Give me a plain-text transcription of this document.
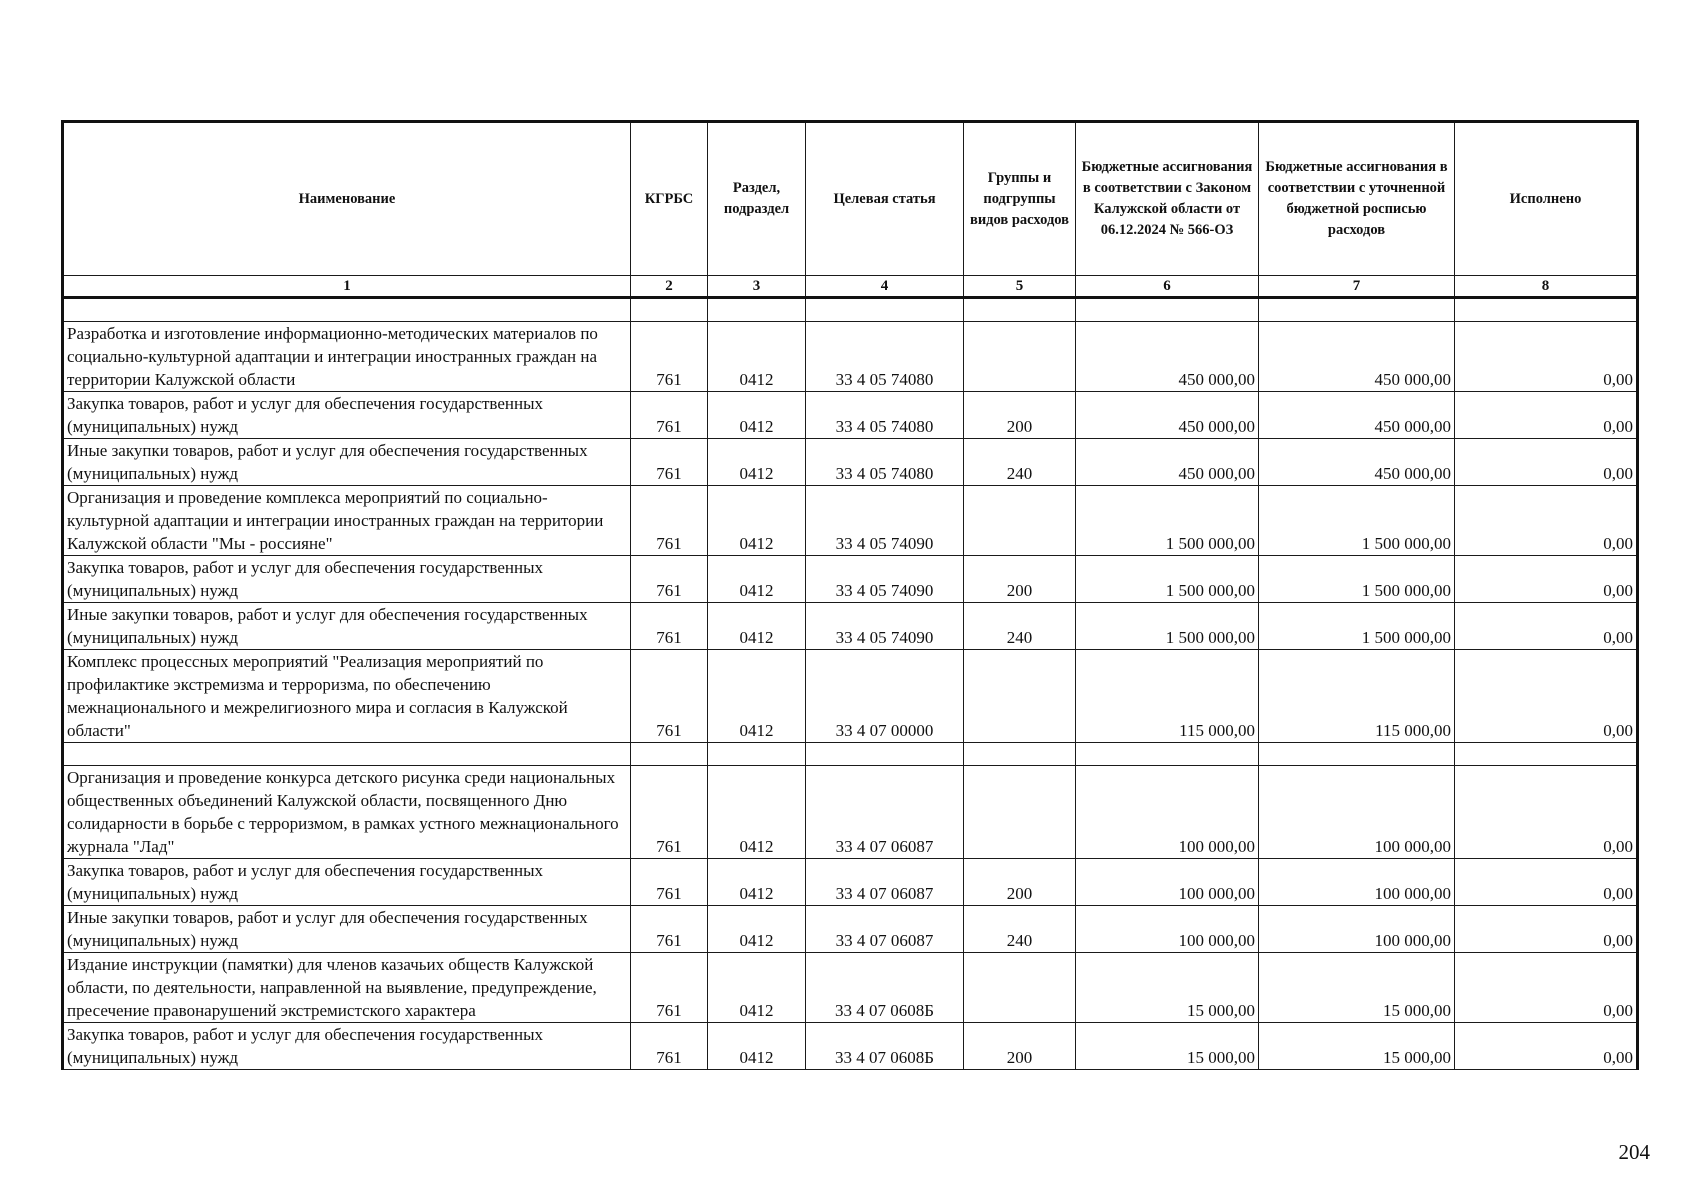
Наименование	КГРБС	Раздел, подраздел	Целевая статья	Группы и подгруппы видов расходов	Бюджетные ассигнования в соответствии с Законом Калужской области от 06.12.2024 № 566-ОЗ	Бюджетные ассигнования в соответствии с уточненной бюджетной росписью расходов	Исполнено
1	2	3	4	5	6	7	8

Разработка и изготовление информационно-методических материалов по социально-культурной адаптации и интеграции иностранных граждан на территории Калужской области	761	0412	33 4 05 74080		450 000,00	450 000,00	0,00
Закупка товаров, работ и услуг для обеспечения государственных (муниципальных) нужд	761	0412	33 4 05 74080	200	450 000,00	450 000,00	0,00
Иные закупки товаров, работ и услуг для обеспечения государственных (муниципальных) нужд	761	0412	33 4 05 74080	240	450 000,00	450 000,00	0,00
Организация и проведение комплекса мероприятий по социально-культурной адаптации и интеграции иностранных граждан на территории Калужской области "Мы - россияне"	761	0412	33 4 05 74090		1 500 000,00	1 500 000,00	0,00
Закупка товаров, работ и услуг для обеспечения государственных (муниципальных) нужд	761	0412	33 4 05 74090	200	1 500 000,00	1 500 000,00	0,00
Иные закупки товаров, работ и услуг для обеспечения государственных (муниципальных) нужд	761	0412	33 4 05 74090	240	1 500 000,00	1 500 000,00	0,00
Комплекс процессных мероприятий "Реализация мероприятий по профилактике экстремизма и терроризма, по обеспечению межнационального и межрелигиозного мира и согласия в Калужской области"	761	0412	33 4 07 00000		115 000,00	115 000,00	0,00

Организация и проведение конкурса детского рисунка среди национальных общественных объединений Калужской области, посвященного Дню солидарности в борьбе с терроризмом, в рамках устного межнационального журнала "Лад"	761	0412	33 4 07 06087		100 000,00	100 000,00	0,00
Закупка товаров, работ и услуг для обеспечения государственных (муниципальных) нужд	761	0412	33 4 07 06087	200	100 000,00	100 000,00	0,00
Иные закупки товаров, работ и услуг для обеспечения государственных (муниципальных) нужд	761	0412	33 4 07 06087	240	100 000,00	100 000,00	0,00
Издание инструкции (памятки) для членов казачьих обществ Калужской области, по деятельности, направленной на выявление, предупреждение, пресечение правонарушений экстремистского характера	761	0412	33 4 07 0608Б		15 000,00	15 000,00	0,00
Закупка товаров, работ и услуг для обеспечения государственных (муниципальных) нужд	761	0412	33 4 07 0608Б	200	15 000,00	15 000,00	0,00
204
